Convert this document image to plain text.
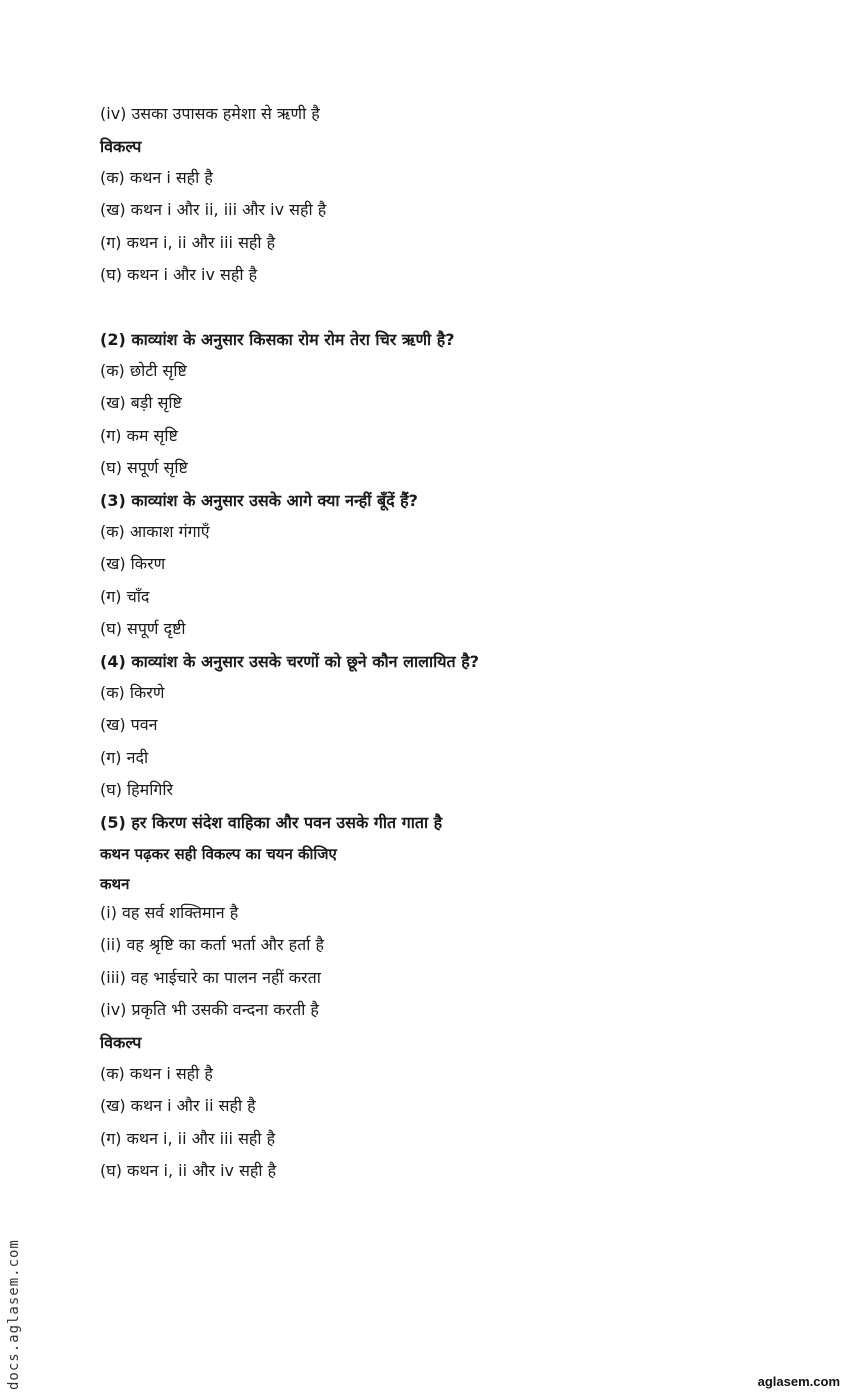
(iv) उसका उपासक हमेशा से ऋणी है
विकल्प
(क) कथन i सही है
(ख) कथन i और ii, iii और iv सही है
(ग) कथन i, ii और iii सही है
(घ) कथन i और iv सही है
(2) काव्यांश के अनुसार किसका रोम रोम तेरा चिर ऋणी है?
(क) छोटी सृष्टि
(ख) बड़ी सृष्टि
(ग) कम सृष्टि
(घ) सपूर्ण सृष्टि
(3) काव्यांश के अनुसार उसके आगे क्या नन्हीं बूँदें हैं?
(क) आकाश गंगाएँ
(ख) किरण
(ग) चाँद
(घ) सपूर्ण दृष्टी
(4) काव्यांश के अनुसार उसके चरणों को छूने कौन लालायित है?
(क) किरणे
(ख) पवन
(ग) नदी
(घ) हिमगिरि
(5) हर किरण संदेश वाहिका और पवन उसके गीत गाता है
कथन पढ़कर सही विकल्प का चयन कीजिए
कथन
(i) वह सर्व शक्तिमान है
(ii) वह श्रृष्टि का कर्ता भर्ता और हर्ता है
(iii) वह भाईचारे का पालन नहीं करता
(iv) प्रकृति भी उसकी वन्दना करती है
विकल्प
(क) कथन i सही है
(ख) कथन i और ii सही है
(ग) कथन i, ii और iii सही है
(घ) कथन i, ii और iv सही है
docs.aglasem.com	aglasem.com
